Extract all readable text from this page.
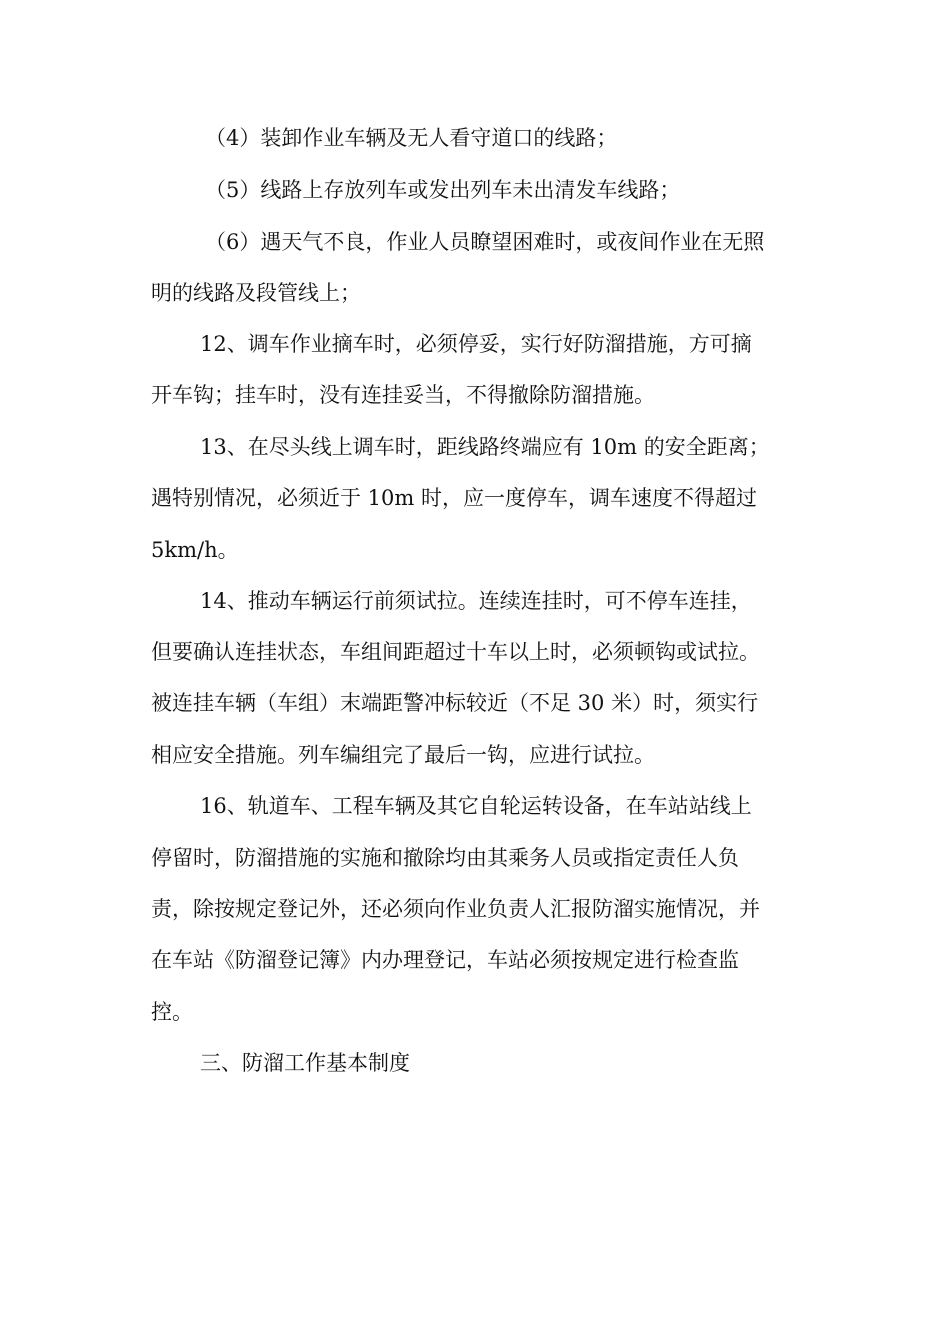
（4）装卸作业车辆及无人看守道口的线路；
（5）线路上存放列车或发出列车未出清发车线路；
（6）遇天气不良，作业人员瞭望困难时，或夜间作业在无照
明的线路及段管线上；
12、调车作业摘车时，必须停妥，实行好防溜措施，方可摘
开车钩；挂车时，没有连挂妥当，不得撤除防溜措施。
13、在尽头线上调车时，距线路终端应有 10m 的安全距离；
遇特别情况，必须近于 10m 时，应一度停车，调车速度不得超过
5km/h。
14、推动车辆运行前须试拉。连续连挂时，可不停车连挂，
但要确认连挂状态，车组间距超过十车以上时，必须顿钩或试拉。
被连挂车辆（车组）末端距警冲标较近（不足 30 米）时，须实行
相应安全措施。列车编组完了最后一钩，应进行试拉。
16、轨道车、工程车辆及其它自轮运转设备，在车站站线上
停留时，防溜措施的实施和撤除均由其乘务人员或指定责任人负
责，除按规定登记外，还必须向作业负责人汇报防溜实施情况，并
在车站《防溜登记簿》内办理登记，车站必须按规定进行检查监
控。
三、防溜工作基本制度
